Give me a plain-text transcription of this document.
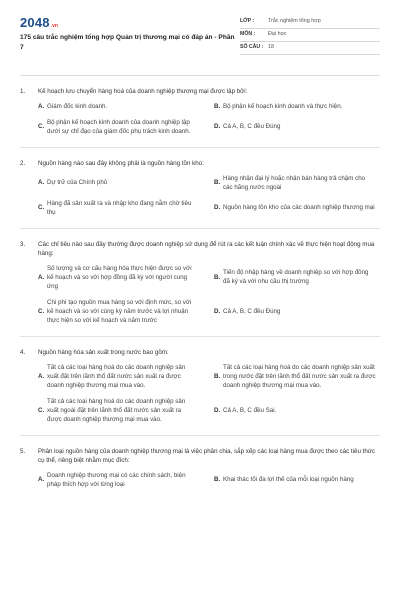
2048 .vn
175 câu trắc nghiệm tổng hợp Quản trị thương mại có đáp án - Phần 7
LỚP :	Trắc nghiệm tổng hợp
MÔN :	Đại học
SỐ CÂU : 18
1.	Kế hoạch lưu chuyển hàng hoá của doanh nghiệp thương mại được lập bởi:
A. Giám đốc kinh doanh.	B. Bộ phận kế hoạch kinh doanh và thực hiện.
C.
Bộ phận kế hoạch kinh doanh của doanh nghiệp lập dưới sự chỉ đạo của giám đốc phụ trách kinh doanh.
D. Cả A, B, C đều Đúng
2.	Nguồn hàng nào sau đây không phải là nguồn hàng tồn kho:
A. Dự trữ của Chính phủ	B.
Hàng nhận đại lý hoặc nhận bán hàng trả chậm cho các hãng nước ngoài
C.
Hàng đã sản xuất ra và nhập kho đang nằm chờ tiêu thụ
D. Nguồn hàng tồn kho của các doanh nghiệp thương mại
3.	Các chỉ tiêu nào sau đây thường được doanh nghiệp sử dụng để rút ra các kết luận chính xác về thực hiện hoạt động mua hàng:
A.
Số lượng và cơ cấu hàng hóa thực hiện được so với kế hoạch và so với hợp đồng đã ký với người cung ứng
B.
Tiến độ nhập hàng về doanh nghiệp so với hợp đồng đã ký và với nhu cầu thị trường
C.
Chi phí tạo nguồn mua hàng so với định mức, so với kế hoạch và so với cùng kỳ năm trước và lợi nhuận thực hiện so với kế hoạch và năm trước
D. Cả A, B, C đều Đúng
4.	Nguồn hàng hóa sản xuất trong nước bao gồm:
A.
Tất cả các loại hàng hoá do các doanh nghiệp sản xuất đặt trên lãnh thổ đất nước sản xuất ra được doanh nghiệp thương mại mua vào.
B.
Tất cả các loại hàng hoá do các doanh nghiệp sản xuất trong nước đặt trên lãnh thổ đất nước sản xuất ra được doanh nghiệp thương mại mua vào.
C.
Tất cả các loại hàng hoá do các doanh nghiệp sản xuất ngoài đặt trên lãnh thổ đất nước sản xuất ra được doanh nghiệp thương mại mua vào.
D. Cả A, B, C đều Sai.
5.	Phân loại nguồn hàng của doanh nghiệp thương mại là việc phân chia, sắp xếp các loại hàng mua được theo các tiêu thức cụ thể, riêng biệt nhằm mục đích:
A.
Doanh nghiệp thương mại có các chính sách, biện pháp thích hợp với từng loại
B. Khai thác tối đa lợi thế của mỗi loại nguồn hàng
